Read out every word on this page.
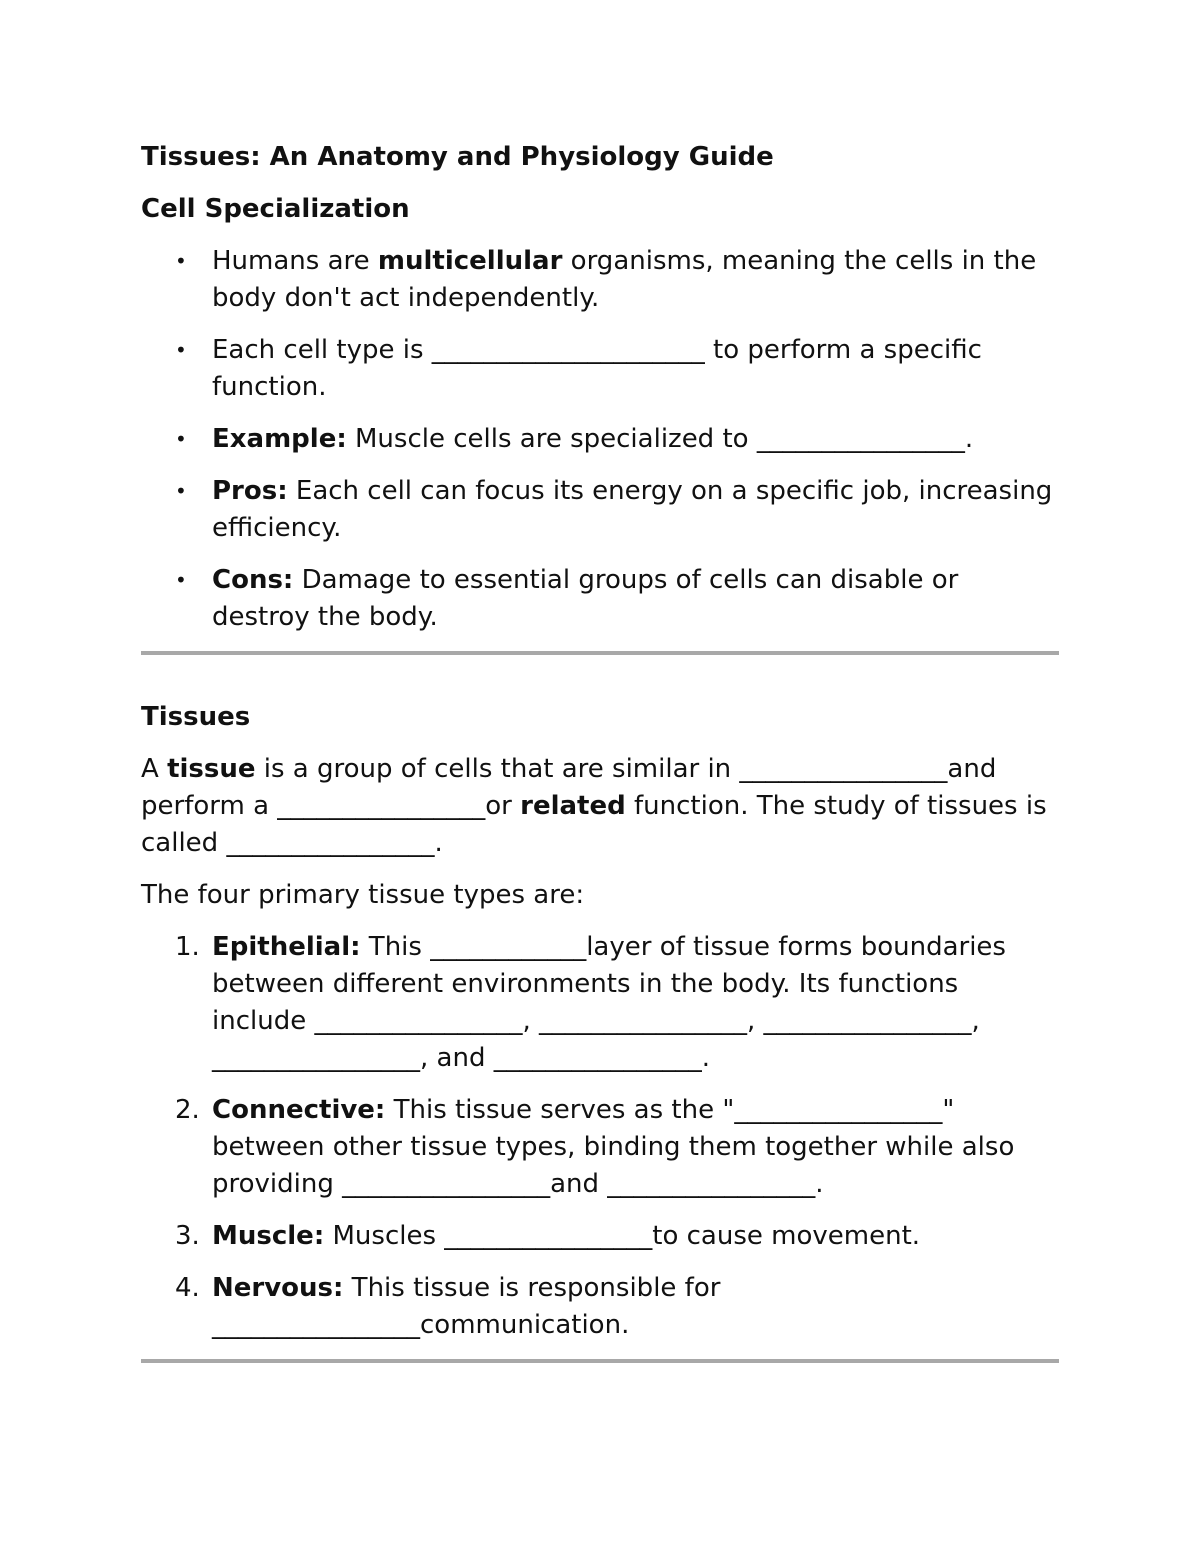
Tissues: An Anatomy and Physiology Guide

Cell Specialization

• Humans are multicellular organisms, meaning the cells in the body don't act independently.
• Each cell type is _____________________ to perform a specific function.
• Example: Muscle cells are specialized to ________________.
• Pros: Each cell can focus its energy on a specific job, increasing efficiency.
• Cons: Damage to essential groups of cells can disable or destroy the body.

Tissues

A tissue is a group of cells that are similar in ________________and perform a ________________or related function. The study of tissues is called ________________.

The four primary tissue types are:

1. Epithelial: This ____________layer of tissue forms boundaries between different environments in the body. Its functions include ________________, ________________, ________________, ________________, and ________________.
2. Connective: This tissue serves as the "________________" between other tissue types, binding them together while also providing ________________and ________________.
3. Muscle: Muscles ________________to cause movement.
4. Nervous: This tissue is responsible for ________________communication.
